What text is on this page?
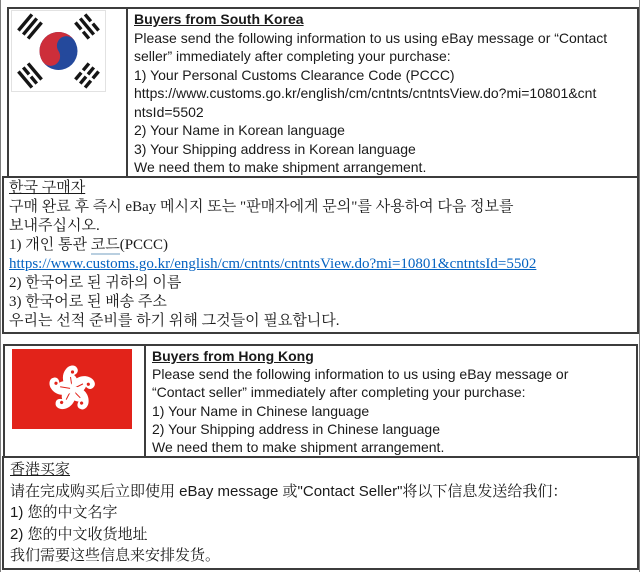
Buyers from South Korea
Please send the following information to us using eBay message or “Contact
seller” immediately after completing your purchase:
1) Your Personal Customs Clearance Code (PCCC)
https://www.customs.go.kr/english/cm/cntnts/cntntsView.do?mi=10801&cnt
ntsId=5502
2) Your Name in Korean language
3) Your Shipping address in Korean language
We need them to make shipment arrangement.
한국 구매자
구매 완료 후 즉시 eBay 메시지 또는 "판매자에게 문의"를 사용하여 다음 정보를
보내주십시오.
1) 개인 통관 코드(PCCC)
https://www.customs.go.kr/english/cm/cntnts/cntntsView.do?mi=10801&cntntsId=5502
2) 한국어로 된 귀하의 이름
3) 한국어로 된 배송 주소
우리는 선적 준비를 하기 위해 그것들이 필요합니다.
Buyers from Hong Kong
Please send the following information to us using eBay message or
“Contact seller” immediately after completing your purchase:
1) Your Name in Chinese language
2) Your Shipping address in Chinese language
We need them to make shipment arrangement.
香港买家
请在完成购买后立即使用 eBay message 或"Contact Seller"将以下信息发送给我们：
1) 您的中文名字
2) 您的中文收货地址
我们需要这些信息来安排发货。
